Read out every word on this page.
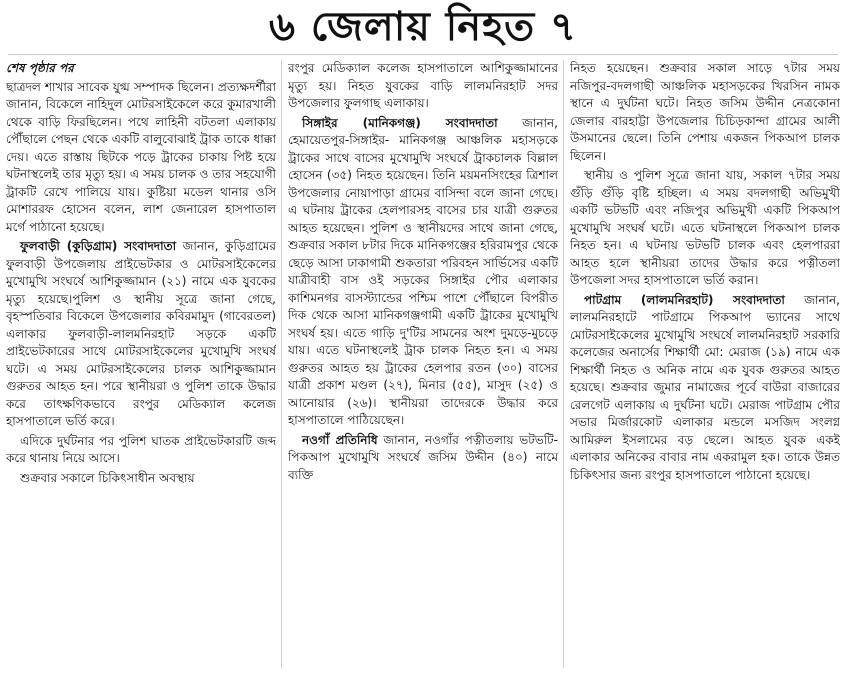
৬ জেলায় নিহত ৭
শেষ পৃষ্ঠার পর

ছাত্রদল শাখার সাবেক যুগ্ম সম্পাদক ছিলেন। প্রত্যক্ষদর্শীরা জানান, বিকেলে নাহিদুল মোটরসাইকেলে করে কুমারখালী থেকে বাড়ি ফিরছিলেন। পথে লাহিনী বটতলা এলাকায় পৌঁছালে পেছন থেকে একটি বালুবোঝাই ট্রাক তাকে ধাক্কা দেয়। এতে রাস্তায় ছিটকে পড়ে ট্রাকের চাকায় পিষ্ট হয়ে ঘটনাস্থলেই তার মৃত্যু হয়। এ সময় চালক ও তার সহযোগী ট্রাকটি রেখে পালিয়ে যায়। কুষ্টিয়া মডেল থানার ওসি মোশাররফ হোসেন বলেন, লাশ জেনারেল হাসপাতাল মর্গে পাঠানো হয়েছে।

ফুলবাড়ী (কুড়িগ্রাম) সংবাদদাতা জানান, কুড়িগ্রামের ফুলবাড়ী উপজেলায় প্রাইভেটকার ও মোটরসাইকেলের মুখোমুখি সংঘর্ষে আশিকুজ্জামান (২১) নামে এক যুবকের মৃত্যু হয়েছে।পুলিশ ও স্থানীয় সূত্রে জানা গেছে, বৃহস্পতিবার বিকেলে উপজেলার কবিরমামুদ (গাবেরতল) এলাকার ফুলবাড়ী-লালমনিরহাট সড়কে একটি প্রাইভেটকারের সাথে মোটরসাইকেলের মুখোমুখি সংঘর্ষ ঘটে। এ সময় মোটরসাইকেলের চালক আশিকুজ্জামান গুরুতর আহত হন। পরে স্থানীয়রা ও পুলিশ তাকে উদ্ধার করে তাৎক্ষণিকভাবে রংপুর মেডিক্যাল কলেজ হাসপাতালে ভর্তি করে।

এদিকে দুর্ঘটনার পর পুলিশ ঘাতক প্রাইভেটকারটি জব্দ করে থানায় নিয়ে আসে।

শুক্রবার সকালে চিকিৎসাধীন অবস্থায়

রংপুর মেডিক্যাল কলেজ হাসপাতালে আশিকুজ্জামানের মৃত্যু হয়। নিহত যুবকের বাড়ি লালমনিরহাট সদর উপজেলার ফুলগাছ এলাকায়।

সিঙ্গাইর (মানিকগঞ্জ) সংবাদদাতা জানান, হেমায়েতপুর-সিঙ্গাইর- মানিকগঞ্জ আঞ্চলিক মহাসড়কে ট্রাকের সাথে বাসের মুখোমুখি সংঘর্ষে ট্রাকচালক বিল্লাল হোসেন (৩৫) নিহত হয়েছেন। তিনি ময়মনসিংহের ত্রিশাল উপজেলার নোয়াপাড়া গ্রামের বাসিন্দা বলে জানা গেছে। এ ঘটনায় ট্রাকের হেলপারসহ বাসের চার যাত্রী গুরুতর আহত হয়েছেন। পুলিশ ও স্থানীয়দের সাথে জানা গেছে, শুক্রবার সকাল ৮টার দিকে মানিকগঞ্জের হরিরামপুর থেকে ছেড়ে আসা ঢাকাগামী শুকতারা পরিবহন সার্ভিসের একটি যাত্রীবাহী বাস ওই সড়কের সিঙ্গাইর পৌর এলাকার কাশিমনগর বাসস্ট্যান্ডের পশ্চিম পাশে পৌঁছালে বিপরীত দিক থেকে আসা মানিকগঞ্জগামী একটি ট্রাকের মুখোমুখি সংঘর্ষ হয়। এতে গাড়ি দু'টির সামনের অংশ দুমড়ে-মুচড়ে যায়। এতে ঘটনাস্থলেই ট্রাক চালক নিহত হন। এ সময় গুরুতর আহত হয় ট্রাকের হেলপার রতন (৩০) বাসের যাত্রী প্রকাশ মণ্ডল (২৭), মিনার (৫৫), মাসুদ (২৫) ও আনোয়ার (২৬)। স্থানীয়রা তাদেরকে উদ্ধার করে হাসপাতালে পাঠিয়েছেন।

নওগাঁ প্রতিনিধি জানান, নওগাঁর পত্নীতলায় ভটভটি-পিকআপ মুখোমুখি সংঘর্ষে জসিম উদ্দীন (৪০) নামে ব্যক্তি

নিহত হয়েছেন। শুক্রবার সকাল সাড়ে ৭টার সময় নজিপুর-বদলগাছী আঞ্চলিক মহাসড়কের খিরসিন নামক স্থানে এ দুর্ঘটনা ঘটে। নিহত জসিম উদ্দীন নেত্রকোনা জেলার বারহাট্টা উপজেলার চিচিড়কান্দা গ্রামের আলী উসমানের ছেলে। তিনি পেশায় একজন পিকআপ চালক ছিলেন।

স্থানীয় ও পুলিশ সূত্রে জানা যায়, সকাল ৭টার সময় গুঁড়ি গুঁড়ি বৃষ্টি হচ্ছিল। এ সময় বদলগাছী অভিমুখী একটি ভটভটি এবং নজিপুর অভিমুখী একটি পিকআপ মুখোমুখি সংঘর্ষ ঘটে। এতে ঘটনাস্থলে পিকআপ চালক নিহত হন। এ ঘটনায় ভটভটি চালক এবং হেলপাররা আহত হলে স্থানীয়রা তাদের উদ্ধার করে পত্নীতলা উপজেলা সদর হাসপাতালে ভর্তি করান।

পাটগ্রাম (লালমনিরহাট) সংবাদদাতা জানান, লালমনিরহাটে পাটগ্রামে পিকআপ ভ্যানের সাথে মোটরসাইকেলের মুখোমুখি সংঘর্ষে লালমনিরহাট সরকারি কলেজের অনার্সের শিক্ষার্থী মো: মেরাজ (১৯) নামে এক শিক্ষার্থী নিহত ও অনিক নামে এক যুবক গুরুতর আহত হয়েছে। শুক্রবার জুমার নামাজের পূর্বে বাউরা বাজারের রেলগেট এলাকায় এ দুর্ঘটনা ঘটে। মেরাজ পাটগ্রাম পৌর সভার মির্জারকোট এলাকার মন্ডলে মসজিদ সংলগ্ন আমিরুল ইসলামের বড় ছেলে। আহত যুবক একই এলাকার অনিকের বাবার নাম একরামুল হক। তাকে উন্নত চিকিৎসার জন্য রংপুর হাসপাতালে পাঠানো হয়েছে।
